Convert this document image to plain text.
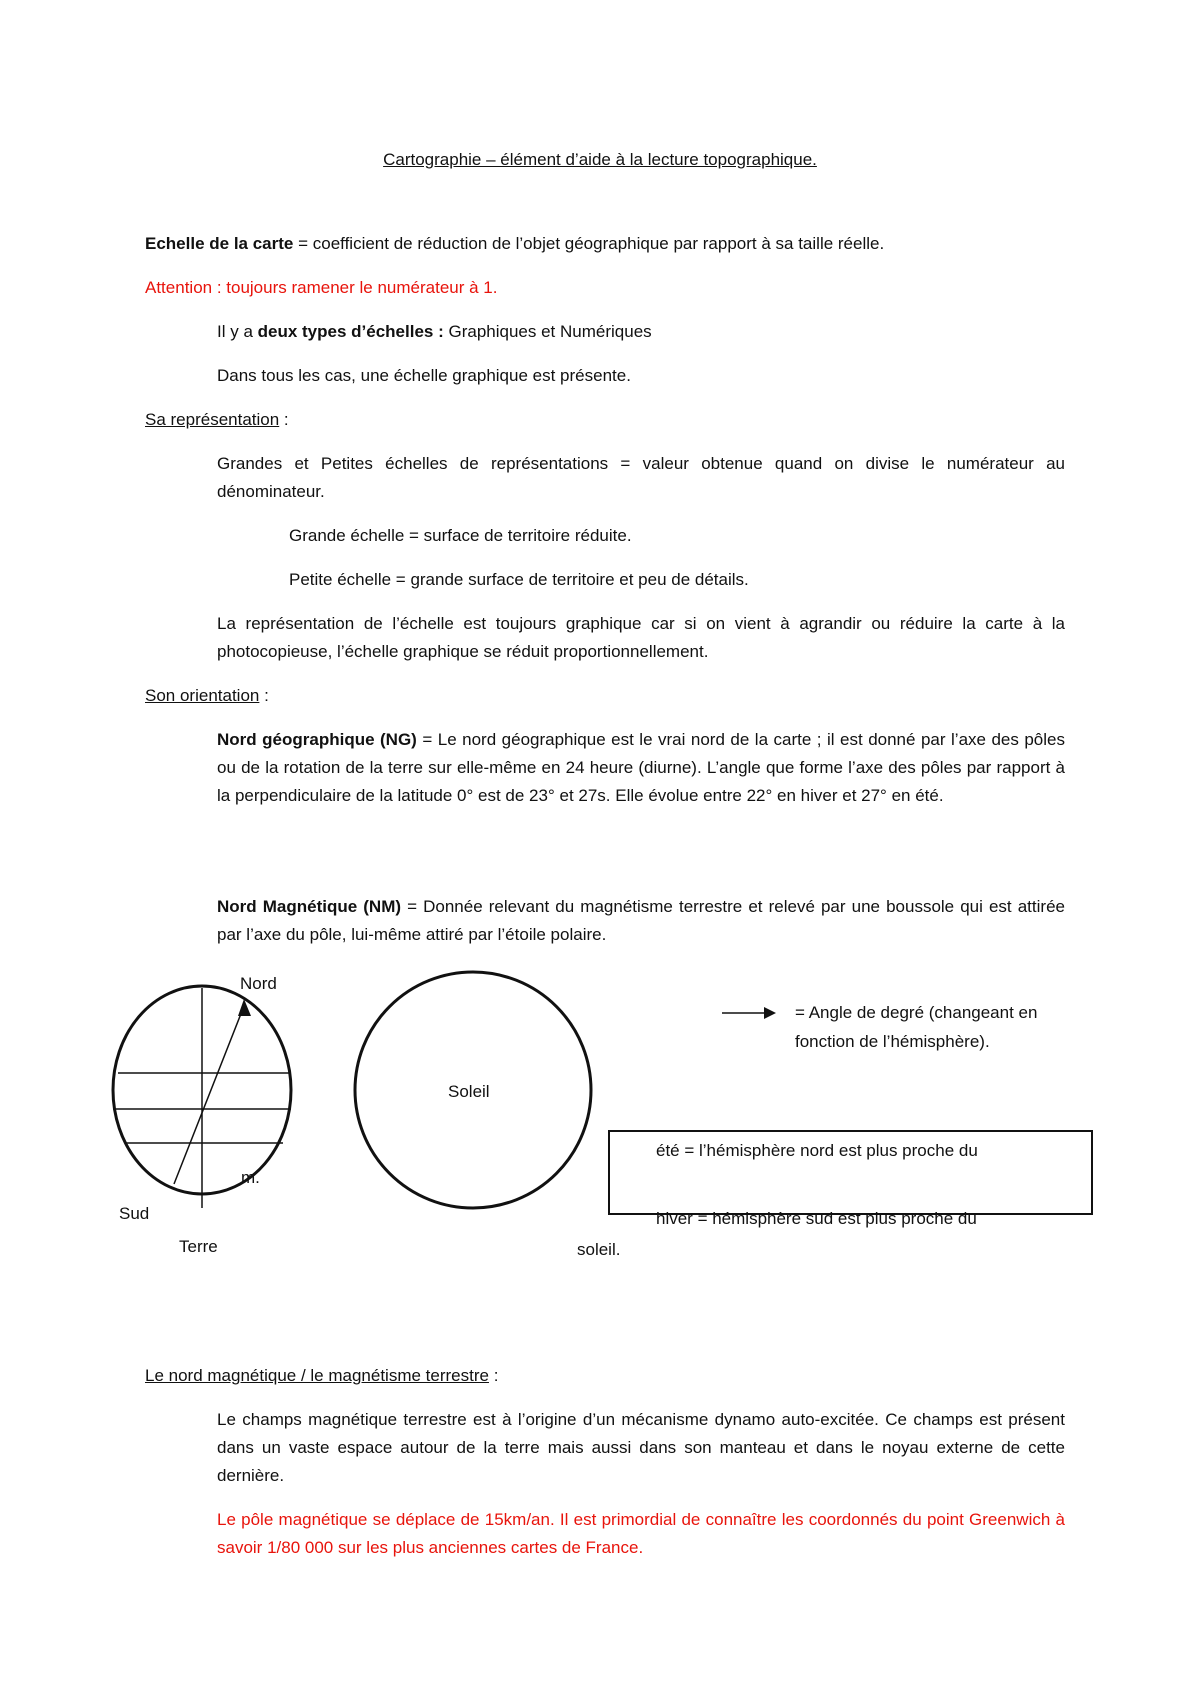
Cartographie – élément d’aide à la lecture topographique.

Echelle de la carte = coefficient de réduction de l’objet géographique par rapport à sa taille réelle.

Attention : toujours ramener le numérateur à 1.

Il y a deux types d’échelles : Graphiques et Numériques

Dans tous les cas, une échelle graphique est présente.

Sa représentation :

Grandes et Petites échelles de représentations = valeur obtenue quand on divise le numérateur au dénominateur.

Grande échelle = surface de territoire réduite.

Petite échelle = grande surface de territoire et peu de détails.

La représentation de l’échelle est toujours graphique car si on vient à agrandir ou réduire la carte à la photocopieuse, l’échelle graphique se réduit proportionnellement.

Son orientation :

Nord géographique (NG) = Le nord géographique est le vrai nord de la carte ; il est donné par l’axe des pôles ou de la rotation de la terre sur elle-même en 24 heure (diurne). L’angle que forme l’axe des pôles par rapport à la perpendiculaire de la latitude 0° est de 23° et 27s. Elle évolue entre 22° en hiver et 27° en été.

Nord Magnétique (NM) = Donnée relevant du magnétisme terrestre et relevé par une boussole qui est attirée par l’axe du pôle, lui-même attiré par l’étoile polaire.

Nord
Sud
Terre
m.
Soleil
= Angle de degré (changeant en
fonction de l’hémisphère).
été = l’hémisphère nord est plus proche du
hiver = hémisphère sud est plus proche du
soleil.

Le nord magnétique / le magnétisme terrestre :

Le champs magnétique terrestre est à l’origine d’un mécanisme dynamo auto-excitée. Ce champs est présent dans un vaste espace autour de la terre mais aussi dans son manteau et dans le noyau externe de cette dernière.

Le pôle magnétique se déplace de 15km/an. Il est primordial de connaître les coordonnés du point Greenwich à savoir 1/80 000 sur les plus anciennes cartes de France.
